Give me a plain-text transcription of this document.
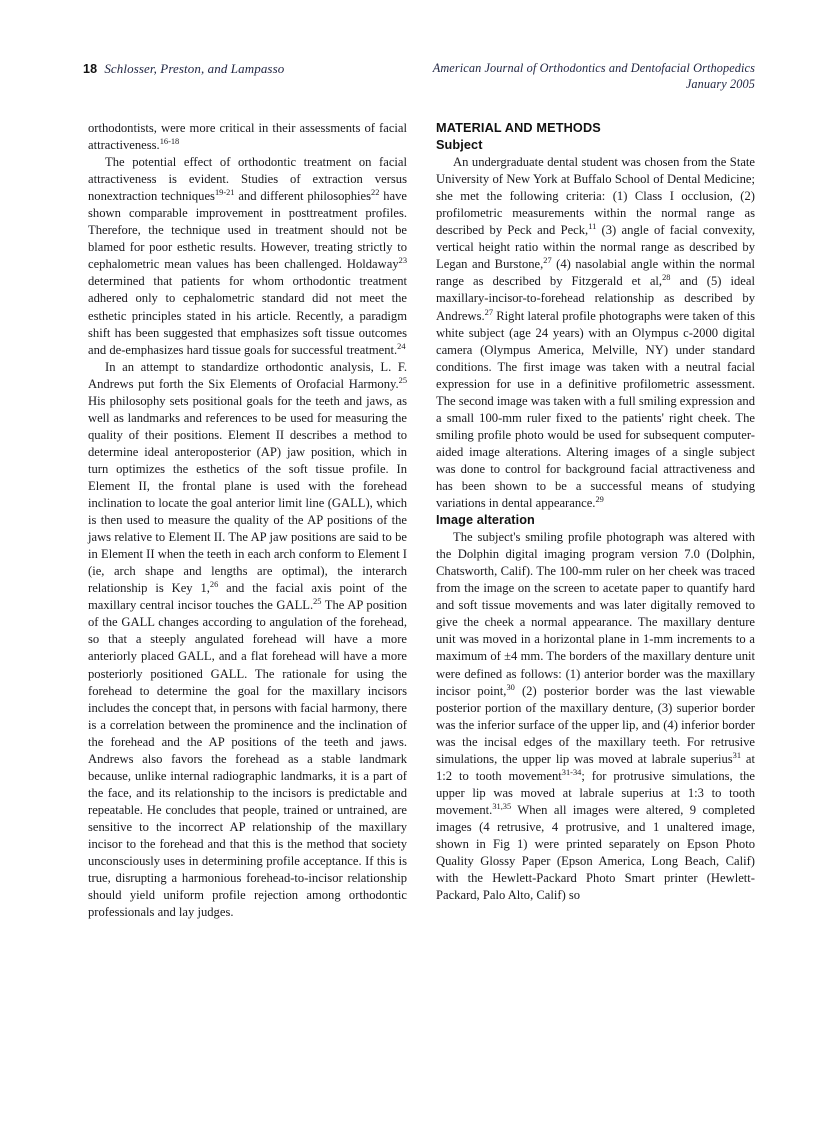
18 Schlosser, Preston, and Lampasso	American Journal of Orthodontics and Dentofacial Orthopedics
January 2005

orthodontists, were more critical in their assessments of facial attractiveness.$^{16-18}$

The potential effect of orthodontic treatment on facial attractiveness is evident. Studies of extraction versus nonextraction techniques$^{19-21}$ and different philosophies$^{22}$ have shown comparable improvement in posttreatment profiles. Therefore, the technique used in treatment should not be blamed for poor esthetic results. However, treating strictly to cephalometric mean values has been challenged. Holdaway$^{23}$ determined that patients for whom orthodontic treatment adhered only to cephalometric standard did not meet the esthetic principles stated in his article. Recently, a paradigm shift has been suggested that emphasizes soft tissue outcomes and de-emphasizes hard tissue goals for successful treatment.$^{24}$

In an attempt to standardize orthodontic analysis, L. F. Andrews put forth the Six Elements of Orofacial Harmony.$^{25}$ His philosophy sets positional goals for the teeth and jaws, as well as landmarks and references to be used for measuring the quality of their positions. Element II describes a method to determine ideal anteroposterior (AP) jaw position, which in turn optimizes the esthetics of the soft tissue profile. In Element II, the frontal plane is used with the forehead inclination to locate the goal anterior limit line (GALL), which is then used to measure the quality of the AP positions of the jaws relative to Element II. The AP jaw positions are said to be in Element II when the teeth in each arch conform to Element I (ie, arch shape and lengths are optimal), the interarch relationship is Key 1,26 and the facial axis point of the maxillary central incisor touches the GALL.$^{25}$ The AP position of the GALL changes according to angulation of the forehead, so that a steeply angulated forehead will have a more anteriorly placed GALL, and a flat forehead will have a more posteriorly positioned GALL. The rationale for using the forehead to determine the goal for the maxillary incisors includes the concept that, in persons with facial harmony, there is a correlation between the prominence and the inclination of the forehead and the AP positions of the teeth and jaws. Andrews also favors the forehead as a stable landmark because, unlike internal radiographic landmarks, it is a part of the face, and its relationship to the incisors is predictable and repeatable. He concludes that people, trained or untrained, are sensitive to the incorrect AP relationship of the maxillary incisor to the forehead and that this is the method that society unconsciously uses in determining profile acceptance. If this is true, disrupting a harmonious forehead-to-incisor relationship should yield uniform profile rejection among orthodontic professionals and lay judges.

MATERIAL AND METHODS
Subject

An undergraduate dental student was chosen from the State University of New York at Buffalo School of Dental Medicine; she met the following criteria: (1) Class I occlusion, (2) profilometric measurements within the normal range as described by Peck and Peck,$^{11}$ (3) angle of facial convexity, vertical height ratio within the normal range as described by Legan and Burstone,$^{27}$ (4) nasolabial angle within the normal range as described by Fitzgerald et al,$^{28}$ and (5) ideal maxillary-incisor-to-forehead relationship as described by Andrews.$^{27}$ Right lateral profile photographs were taken of this white subject (age 24 years) with an Olympus c-2000 digital camera (Olympus America, Melville, NY) under standard conditions. The first image was taken with a neutral facial expression for use in a definitive profilometric assessment. The second image was taken with a full smiling expression and a small 100-mm ruler fixed to the patients' right cheek. The smiling profile photo would be used for subsequent computer-aided image alterations. Altering images of a single subject was done to control for background facial attractiveness and has been shown to be a successful means of studying variations in dental appearance.$^{29}$

Image alteration

The subject's smiling profile photograph was altered with the Dolphin digital imaging program version 7.0 (Dolphin, Chatsworth, Calif). The 100-mm ruler on her cheek was traced from the image on the screen to acetate paper to quantify hard and soft tissue movements and was later digitally removed to give the cheek a normal appearance. The maxillary denture unit was moved in a horizontal plane in 1-mm increments to a maximum of ±4 mm. The borders of the maxillary denture unit were defined as follows: (1) anterior border was the maxillary incisor point,$^{30}$ (2) posterior border was the last viewable posterior portion of the maxillary denture, (3) superior border was the inferior surface of the upper lip, and (4) inferior border was the incisal edges of the maxillary teeth. For retrusive simulations, the upper lip was moved at labrale superius$^{31}$ at 1:2 to tooth movement$^{31-34}$; for protrusive simulations, the upper lip was moved at labrale superius at 1:3 to tooth movement.$^{31,35}$ When all images were altered, 9 completed images (4 retrusive, 4 protrusive, and 1 unaltered image, shown in Fig 1) were printed separately on Epson Photo Quality Glossy Paper (Epson America, Long Beach, Calif) with the Hewlett-Packard Photo Smart printer (Hewlett-Packard, Palo Alto, Calif) so
